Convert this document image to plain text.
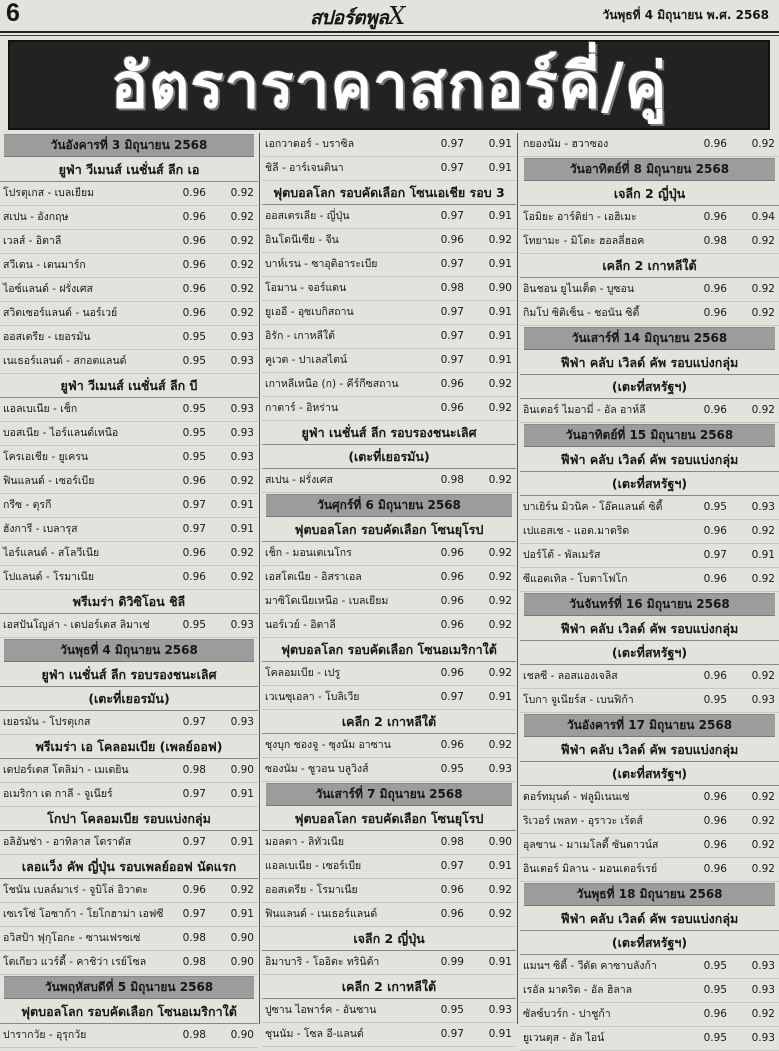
6	สปอร์ตพูลX	วันพุธที่ 4 มิถุนายน พ.ศ. 2568
อัตราราคาสกอร์คี่/คู่
วันอังคารที่ 3 มิถุนายน 2568
ยูฟ่า วีเมนส์ เนชั่นส์ ลีก เอ
โปรตุเกส - เบลเยียม	0.96	0.92
สเปน - อังกฤษ	0.96	0.92
เวลส์ - อิตาลี	0.96	0.92
สวีเดน - เดนมาร์ก	0.96	0.92
ไอซ์แลนด์ - ฝรั่งเศส	0.96	0.92
สวิตเซอร์แลนด์ - นอร์เวย์	0.96	0.92
ออสเตรีย - เยอรมัน	0.95	0.93
เนเธอร์แลนด์ - สกอตแลนด์	0.95	0.93
ยูฟ่า วีเมนส์ เนชั่นส์ ลีก บี
แอลเบเนีย - เช็ก	0.95	0.93
บอสเนีย - ไอร์แลนด์เหนือ	0.95	0.93
โครเอเชีย - ยูเครน	0.95	0.93
ฟินแลนด์ - เซอร์เบีย	0.96	0.92
กรีซ - ตุรกี	0.97	0.91
ฮังการี - เบลารุส	0.97	0.91
ไอร์แลนด์ - สโลวีเนีย	0.96	0.92
โปแลนด์ - โรมาเนีย	0.96	0.92
พรีเมร่า ดิวิซิโอน ชิลี
เอสปันโญล่า - เดปอร์เตส ลิมาเช่	0.95	0.93
วันพุธที่ 4 มิถุนายน 2568
ยูฟ่า เนชั่นส์ ลีก รอบรองชนะเลิศ
(เตะที่เยอรมัน)
เยอรมัน - โปรตุเกส	0.97	0.93
พรีเมร่า เอ โคลอมเบีย (เพลย์ออฟ)
เดปอร์เตส โตลิม่า - เมเดยิน	0.98	0.90
อเมริกา เด กาลี - จูเนียร์	0.97	0.91
โกปา โคลอมเบีย รอบแบ่งกลุ่ม
อลิอันซ่า - อาทิลาส โดราดัส	0.97	0.91
เลอแว็ง คัพ ญี่ปุ่น รอบเพลย์ออฟ นัดแรก
โชนัน เบลล์มาเร่ - จูบิโล่ อิวาตะ	0.96	0.92
เซเรโซ่ โอซาก้า - โยโกฮาม่า เอฟซี	0.97	0.91
อวิสป้า ฟุกุโอกะ - ซานเฟรซเซ่	0.98	0.90
โตเกียว แวร์ดี้ - คาชิว่า เรย์โซล	0.98	0.90
วันพฤหัสบดีที่ 5 มิถุนายน 2568
ฟุตบอลโลก รอบคัดเลือก โซนอเมริกาใต้
ปารากวัย - อุรุกวัย	0.98	0.90
เอกวาดอร์ - บราซิล	0.97	0.91
ชิลี - อาร์เจนตินา	0.97	0.91
ฟุตบอลโลก รอบคัดเลือก โซนเอเชีย รอบ 3
ออสเตรเลีย - ญี่ปุ่น	0.97	0.91
อินโดนีเซีย - จีน	0.96	0.92
บาห์เรน - ซาอุดิอาระเบีย	0.97	0.91
โอมาน - จอร์แดน	0.98	0.90
ยูเออี - อุซเบกิสถาน	0.97	0.91
อิรัก - เกาหลีใต้	0.97	0.91
คูเวต - ปาเลสไตน์	0.97	0.91
เกาหลีเหนือ (ก) - คีร์กีซสถาน	0.96	0.92
กาตาร์ - อิหร่าน	0.96	0.92
ยูฟ่า เนชั่นส์ ลีก รอบรองชนะเลิศ
(เตะที่เยอรมัน)
สเปน - ฝรั่งเศส	0.98	0.92
วันศุกร์ที่ 6 มิถุนายน 2568
ฟุตบอลโลก รอบคัดเลือก โซนยุโรป
เช็ก - มอนเตเนโกร	0.96	0.92
เอสโตเนีย - อิสราเอล	0.96	0.92
มาซิโดเนียเหนือ - เบลเยียม	0.96	0.92
นอร์เวย์ - อิตาลี	0.96	0.92
ฟุตบอลโลก รอบคัดเลือก โซนอเมริกาใต้
โคลอมเบีย - เปรู	0.96	0.92
เวเนซุเอลา - โบลิเวีย	0.97	0.91
เคลีก 2 เกาหลีใต้
ชุงบุก ชองจู - ซุงนัม อาซาน	0.96	0.92
ซองนัม - ซูวอน บลูวิงส์	0.95	0.93
วันเสาร์ที่ 7 มิถุนายน 2568
ฟุตบอลโลก รอบคัดเลือก โซนยุโรป
มอลตา - ลิทัวเนีย	0.98	0.90
แอลเบเนีย - เซอร์เบีย	0.97	0.91
ออสเตรีย - โรมาเนีย	0.96	0.92
ฟินแลนด์ - เนเธอร์แลนด์	0.96	0.92
เจลีก 2 ญี่ปุ่น
อิมาบาริ - โออิตะ ทรินิต้า	0.99	0.91
เคลีก 2 เกาหลีใต้
ปูซาน ไอพาร์ค - อันซาน	0.95	0.93
ชุนนัม - โซล อี-แลนด์	0.97	0.91
กยองนัม - ฮวาซอง	0.96	0.92
วันอาทิตย์ที่ 8 มิถุนายน 2568
เจลีก 2 ญี่ปุ่น
โอมิยะ อาร์ดิย่า - เอฮิเมะ	0.96	0.94
โทยามะ - มิโตะ ฮอลลี่ฮอค	0.98	0.92
เคลีก 2 เกาหลีใต้
อินชอน ยูไนเต็ด - บูซอน	0.96	0.92
กิมโป ซิติเซ็น - ชอนัน ซิตี้	0.96	0.92
วันเสาร์ที่ 14 มิถุนายน 2568
ฟีฟ่า คลับ เวิลด์ คัพ รอบแบ่งกลุ่ม
(เตะที่สหรัฐฯ)
อินเตอร์ ไมอามี่ - อัล อาห์ลี	0.96	0.92
วันอาทิตย์ที่ 15 มิถุนายน 2568
ฟีฟ่า คลับ เวิลด์ คัพ รอบแบ่งกลุ่ม
(เตะที่สหรัฐฯ)
บาเยิร์น มิวนิค - โอ๊คแลนด์ ซิตี้	0.95	0.93
เปแอสเช - แอต.มาดริด	0.96	0.92
ปอร์โต้ - พัลเมรัส	0.97	0.91
ซีแอตเทิล - โบตาโฟโก	0.96	0.92
วันจันทร์ที่ 16 มิถุนายน 2568
ฟีฟ่า คลับ เวิลด์ คัพ รอบแบ่งกลุ่ม
(เตะที่สหรัฐฯ)
เชลซี - ลอสแองเจลิส	0.96	0.92
โบกา จูเนียร์ส - เบนฟิก้า	0.95	0.93
วันอังคารที่ 17 มิถุนายน 2568
ฟีฟ่า คลับ เวิลด์ คัพ รอบแบ่งกลุ่ม
(เตะที่สหรัฐฯ)
ดอร์ทมุนด์ - ฟลูมิเนนเซ่	0.96	0.92
ริเวอร์ เพลท - อุราวะ เร้ดส์	0.96	0.92
อุลซาน - มาเมโลดี้ ซันดาวน์ส	0.96	0.92
อินเตอร์ มิลาน - มอนเตอร์เรย์	0.96	0.92
วันพุธที่ 18 มิถุนายน 2568
ฟีฟ่า คลับ เวิลด์ คัพ รอบแบ่งกลุ่ม
(เตะที่สหรัฐฯ)
แมนฯ ซิตี้ - วีดัด คาซาบลังก้า	0.95	0.93
เรอัล มาดริด - อัล ฮิลาล	0.95	0.93
ซัลซ์บวร์ก - ปาชูก้า	0.96	0.92
ยูเวนตุส - อัล ไอน์	0.95	0.93
